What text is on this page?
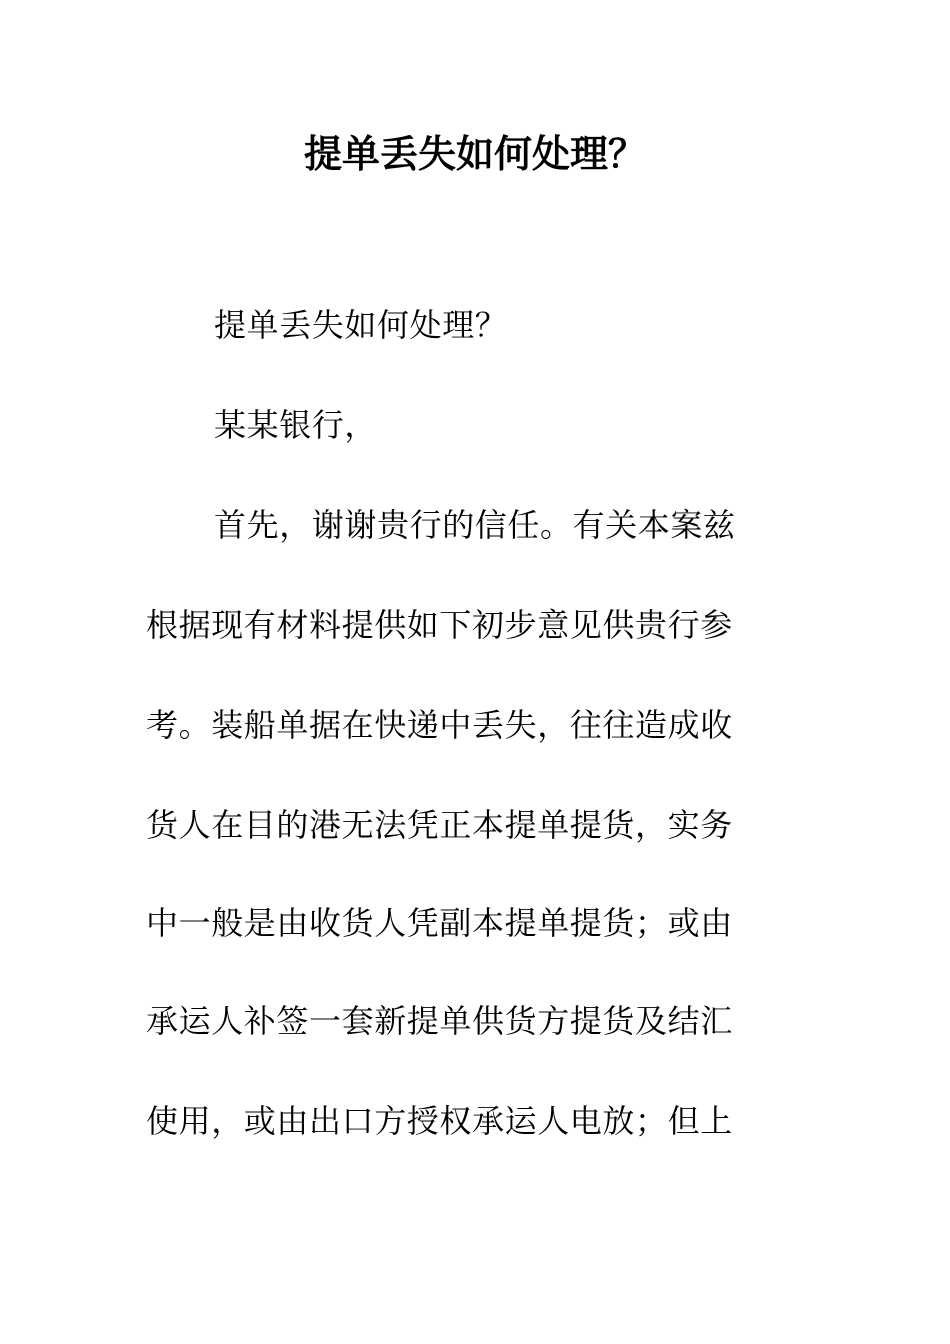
提单丢失如何处理？
提单丢失如何处理？
某某银行，
首先，谢谢贵行的信任。有关本案兹
根据现有材料提供如下初步意见供贵行参
考。装船单据在快递中丢失，往往造成收
货人在目的港无法凭正本提单提货，实务
中一般是由收货人凭副本提单提货；或由
承运人补签一套新提单供货方提货及结汇
使用，或由出口方授权承运人电放；但上
